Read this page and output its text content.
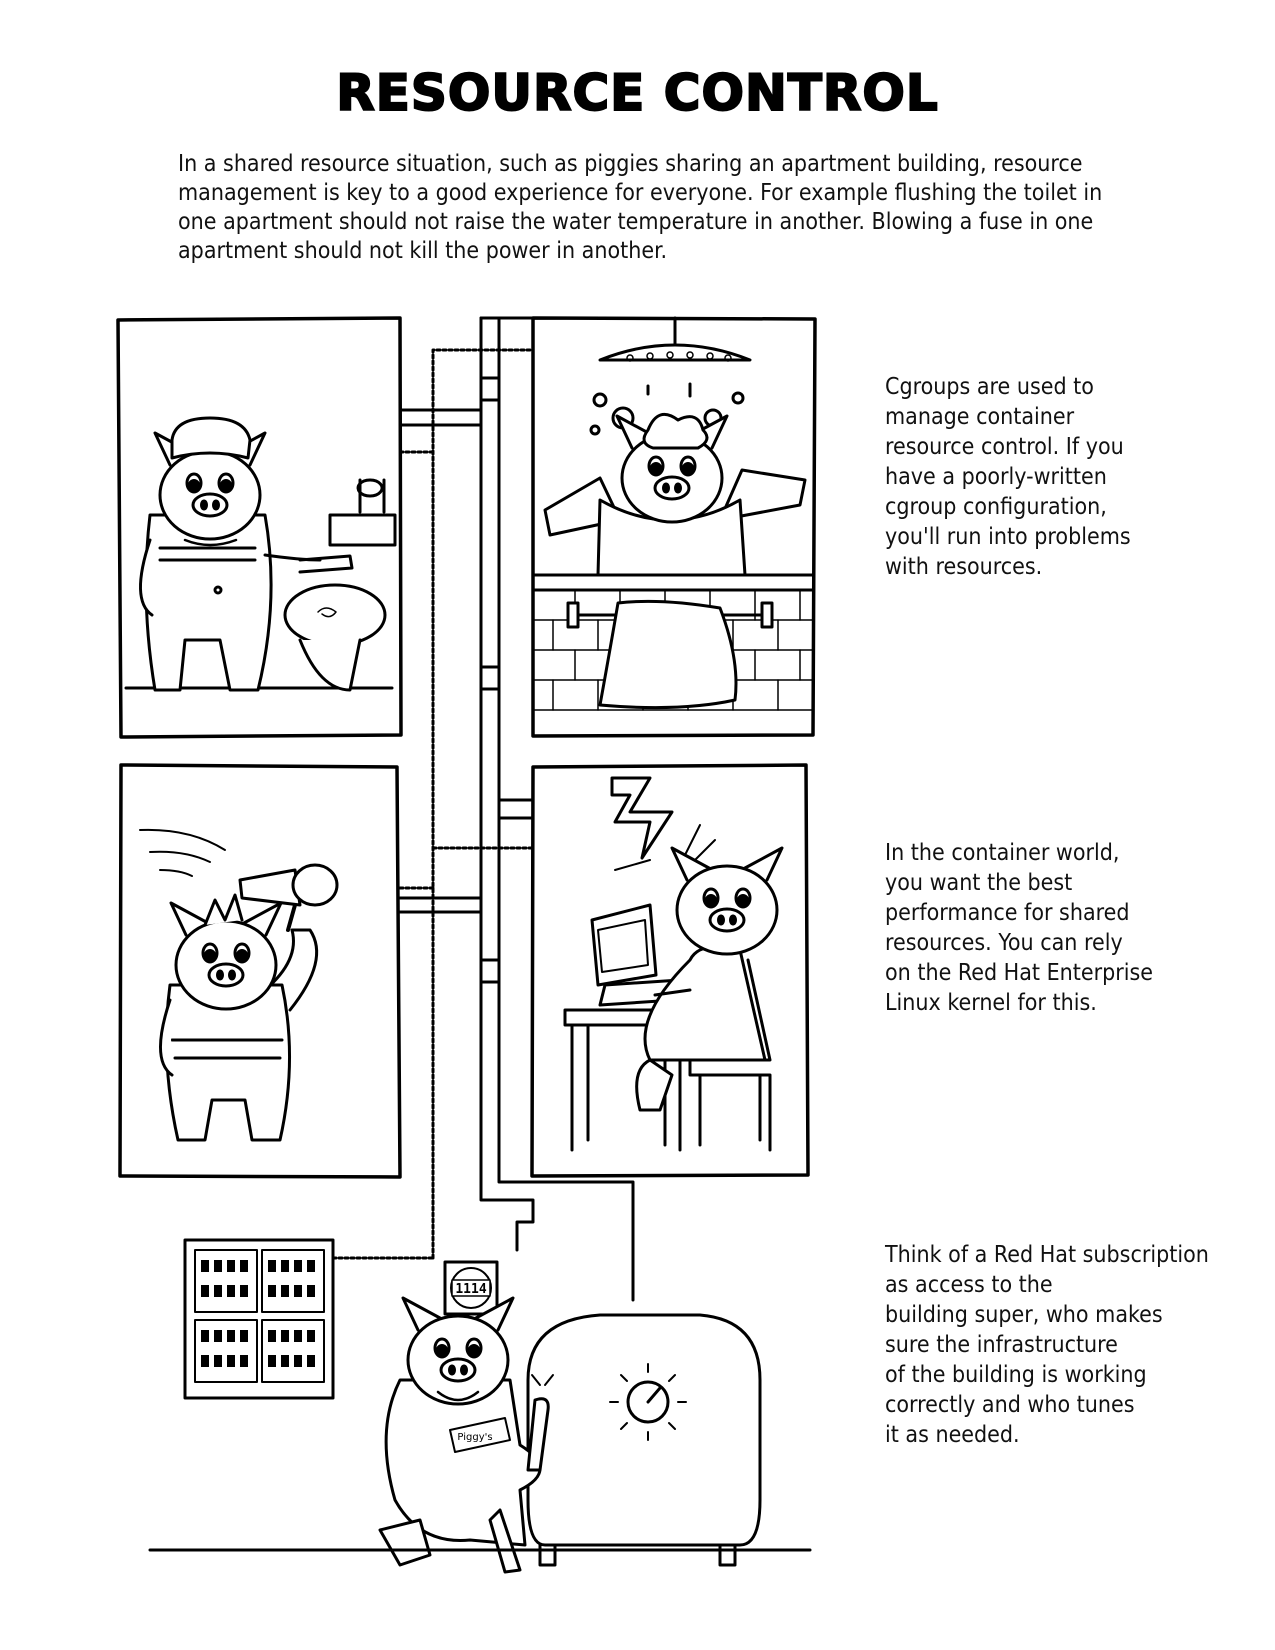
RESOURCE CONTROL

In a shared resource situation, such as piggies sharing an apartment building, resource management is key to a good experience for everyone. For example flushing the toilet in one apartment should not raise the water temperature in another. Blowing a fuse in one apartment should not kill the power in another.

Cgroups are used to
manage container
resource control. If you
have a poorly-written
cgroup configuration,
you'll run into problems
with resources.

In the container world,
you want the best
performance for shared
resources. You can rely
on the Red Hat Enterprise
Linux kernel for this.

Think of a Red Hat subscription
as access to the
building super, who makes
sure the infrastructure
of the building is working
correctly and who tunes
it as needed.

1114
Piggy's
